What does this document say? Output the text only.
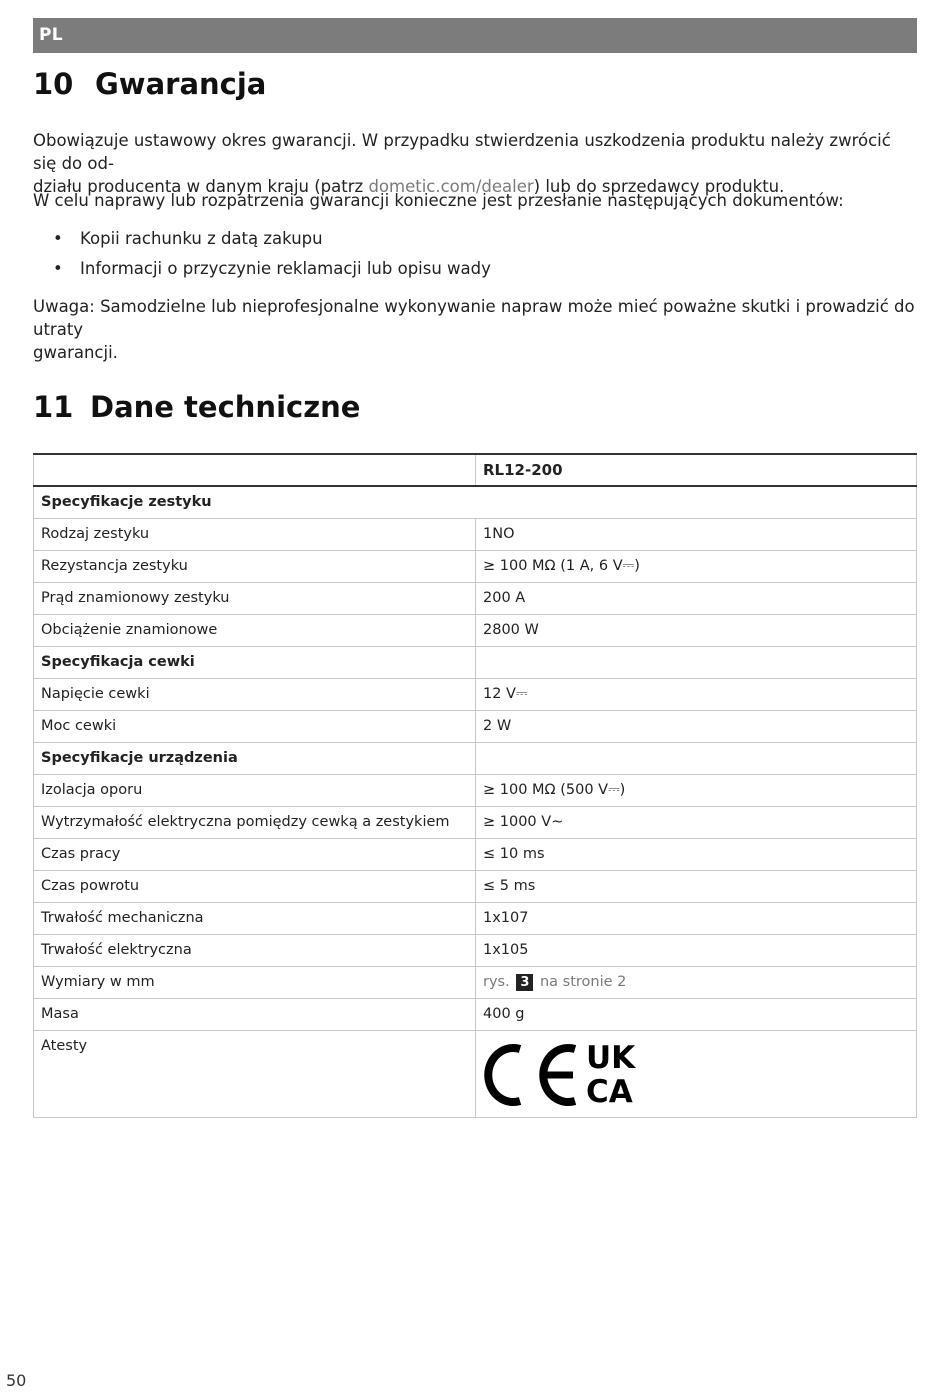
PL
10 Gwarancja
Obowiązuje ustawowy okres gwarancji. W przypadku stwierdzenia uszkodzenia produktu należy zwrócić się do od-
działu producenta w danym kraju (patrz dometic.com/dealer) lub do sprzedawcy produktu.
W celu naprawy lub rozpatrzenia gwarancji konieczne jest przesłanie następujących dokumentów:
• Kopii rachunku z datą zakupu
• Informacji o przyczynie reklamacji lub opisu wady
Uwaga: Samodzielne lub nieprofesjonalne wykonywanie napraw może mieć poważne skutki i prowadzić do utraty
gwarancji.
11 Dane techniczne
	RL12-200
Specyfikacje zestyku	
Rodzaj zestyku	1NO
Rezystancja zestyku	≥ 100 MΩ (1 A, 6 V⎓)
Prąd znamionowy zestyku	200 A
Obciążenie znamionowe	2800 W
Specyfikacja cewki	
Napięcie cewki	12 V⎓
Moc cewki	2 W
Specyfikacje urządzenia	
Izolacja oporu	≥ 100 MΩ (500 V⎓)
Wytrzymałość elektryczna pomiędzy cewką a zestykiem	≥ 1000 V∼
Czas pracy	≤ 10 ms
Czas powrotu	≤ 5 ms
Trwałość mechaniczna	1x107
Trwałość elektryczna	1x105
Wymiary w mm	rys. 3 na stronie 2
Masa	400 g
Atesty	UK
CA
50
